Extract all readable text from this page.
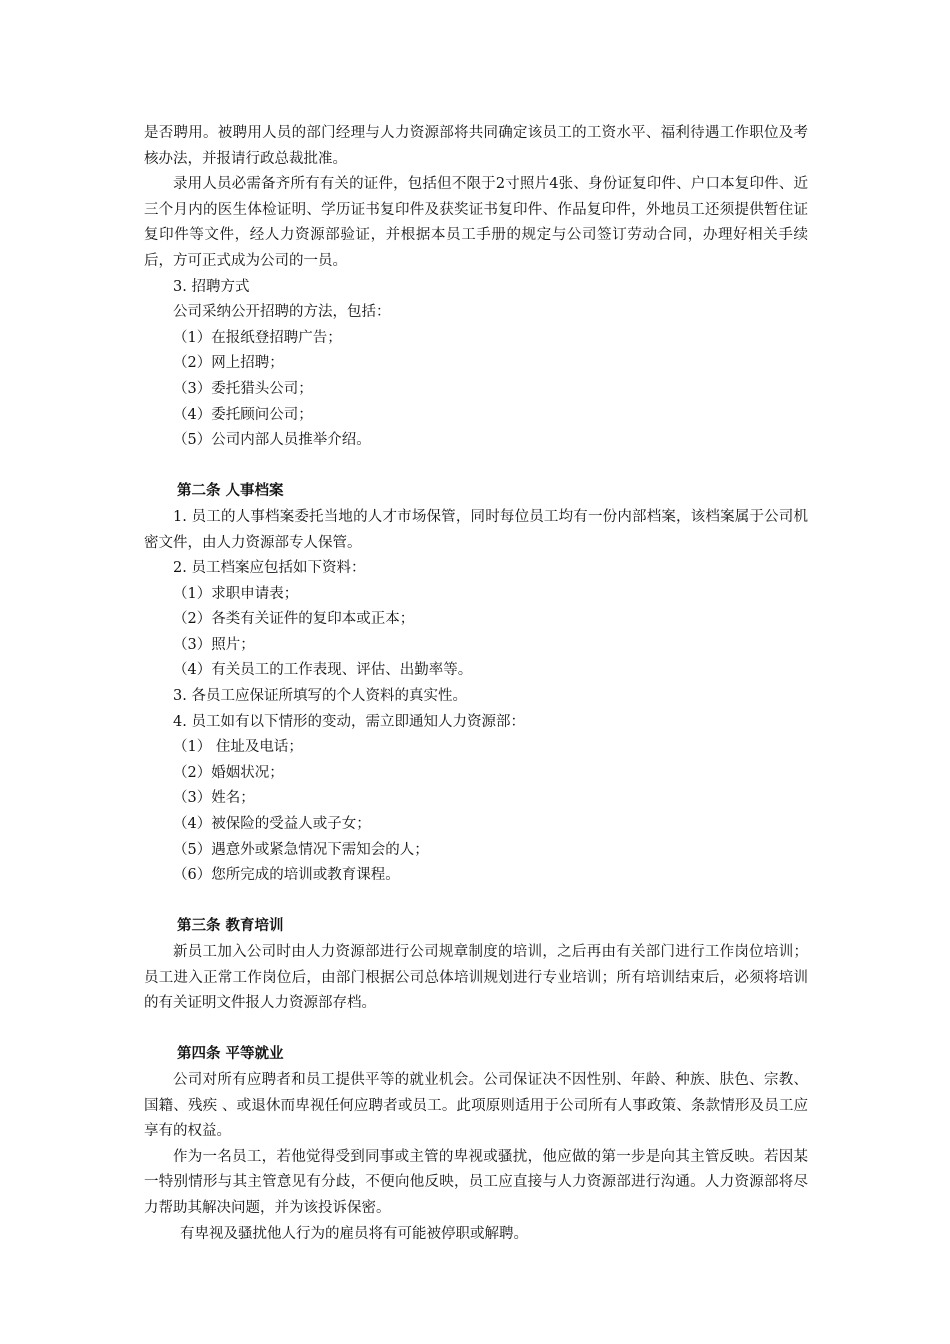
是否聘用。被聘用人员的部门经理与人力资源部将共同确定该员工的工资水平、福利待遇工作职位及考核办法，并报请行政总裁批准。

录用人员必需备齐所有有关的证件，包括但不限于2寸照片4张、身份证复印件、户口本复印件、近三个月内的医生体检证明、学历证书复印件及获奖证书复印件、作品复印件，外地员工还须提供暂住证复印件等文件，经人力资源部验证，并根据本员工手册的规定与公司签订劳动合同，办理好相关手续后，方可正式成为公司的一员。

3. 招聘方式

公司采纳公开招聘的方法，包括：

（1）在报纸登招聘广告；

（2）网上招聘；

（3）委托猎头公司；

（4）委托顾问公司；

（5）公司内部人员推举介绍。

第二条 人事档案

1. 员工的人事档案委托当地的人才市场保管，同时每位员工均有一份内部档案，该档案属于公司机密文件，由人力资源部专人保管。

2. 员工档案应包括如下资料：

（1）求职申请表；

（2）各类有关证件的复印本或正本；

（3）照片；

（4）有关员工的工作表现、评估、出勤率等。

3. 各员工应保证所填写的个人资料的真实性。

4. 员工如有以下情形的变动，需立即通知人力资源部：

（1） 住址及电话；

（2）婚姻状况；

（3）姓名；

（4）被保险的受益人或子女；

（5）遇意外或紧急情况下需知会的人；

（6）您所完成的培训或教育课程。

第三条 教育培训

新员工加入公司时由人力资源部进行公司规章制度的培训，之后再由有关部门进行工作岗位培训；员工进入正常工作岗位后，由部门根据公司总体培训规划进行专业培训；所有培训结束后，必须将培训的有关证明文件报人力资源部存档。

第四条 平等就业

公司对所有应聘者和员工提供平等的就业机会。公司保证决不因性别、年龄、种族、肤色、宗教、国籍、残疾 、或退休而卑视任何应聘者或员工。此项原则适用于公司所有人事政策、条款情形及员工应享有的权益。

作为一名员工，若他觉得受到同事或主管的卑视或骚扰，他应做的第一步是向其主管反映。若因某一特别情形与其主管意见有分歧，不便向他反映，员工应直接与人力资源部进行沟通。人力资源部将尽力帮助其解决问题，并为该投诉保密。

有卑视及骚扰他人行为的雇员将有可能被停职或解聘。
